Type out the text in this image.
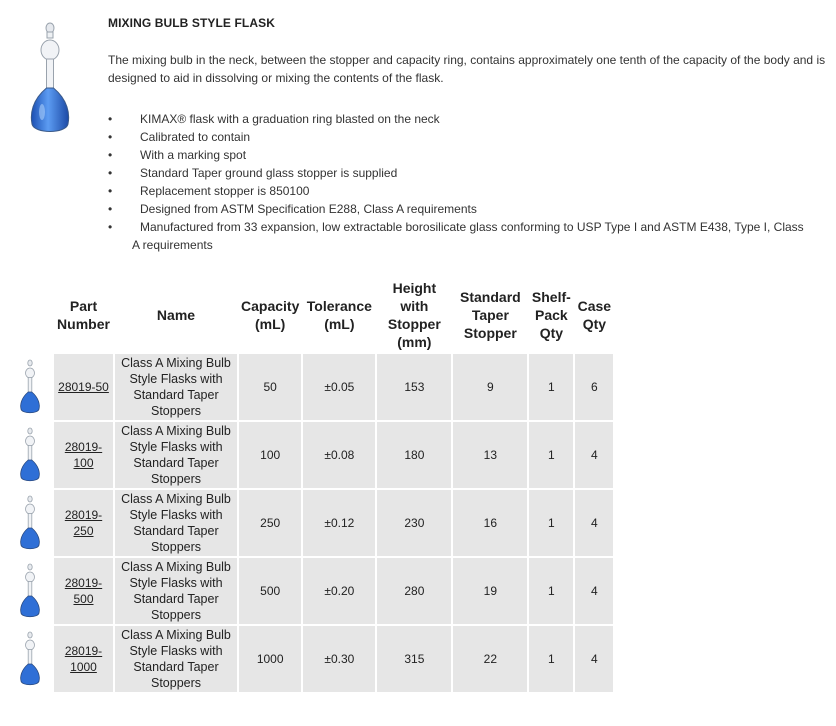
MIXING BULB STYLE FLASK

The mixing bulb in the neck, between the stopper and capacity ring, contains approximately one tenth of the capacity of the body and is designed to aid in dissolving or mixing the contents of the flask.

• KIMAX® flask with a graduation ring blasted on the neck
• Calibrated to contain
• With a marking spot
• Standard Taper ground glass stopper is supplied
• Replacement stopper is 850100
• Designed from ASTM Specification E288, Class A requirements
• Manufactured from 33 expansion, low extractable borosilicate glass conforming to USP Type I and ASTM E438, Type I, Class
A requirements
	Part
Number	Name	Capacity
(mL)	Tolerance
(mL)	Height
with
Stopper
(mm)	Standard
Taper
Stopper	Shelf-
Pack
Qty	Case
Qty

	28019-50	Class A Mixing Bulb
Style Flasks with
Standard Taper
Stoppers	50	±0.05	153	9	1	6

	28019-
100	Class A Mixing Bulb
Style Flasks with
Standard Taper
Stoppers	100	±0.08	180	13	1	4

	28019-
250	Class A Mixing Bulb
Style Flasks with
Standard Taper
Stoppers	250	±0.12	230	16	1	4

	28019-
500	Class A Mixing Bulb
Style Flasks with
Standard Taper
Stoppers	500	±0.20	280	19	1	4

	28019-
1000	Class A Mixing Bulb
Style Flasks with
Standard Taper
Stoppers	1000	±0.30	315	22	1	4
